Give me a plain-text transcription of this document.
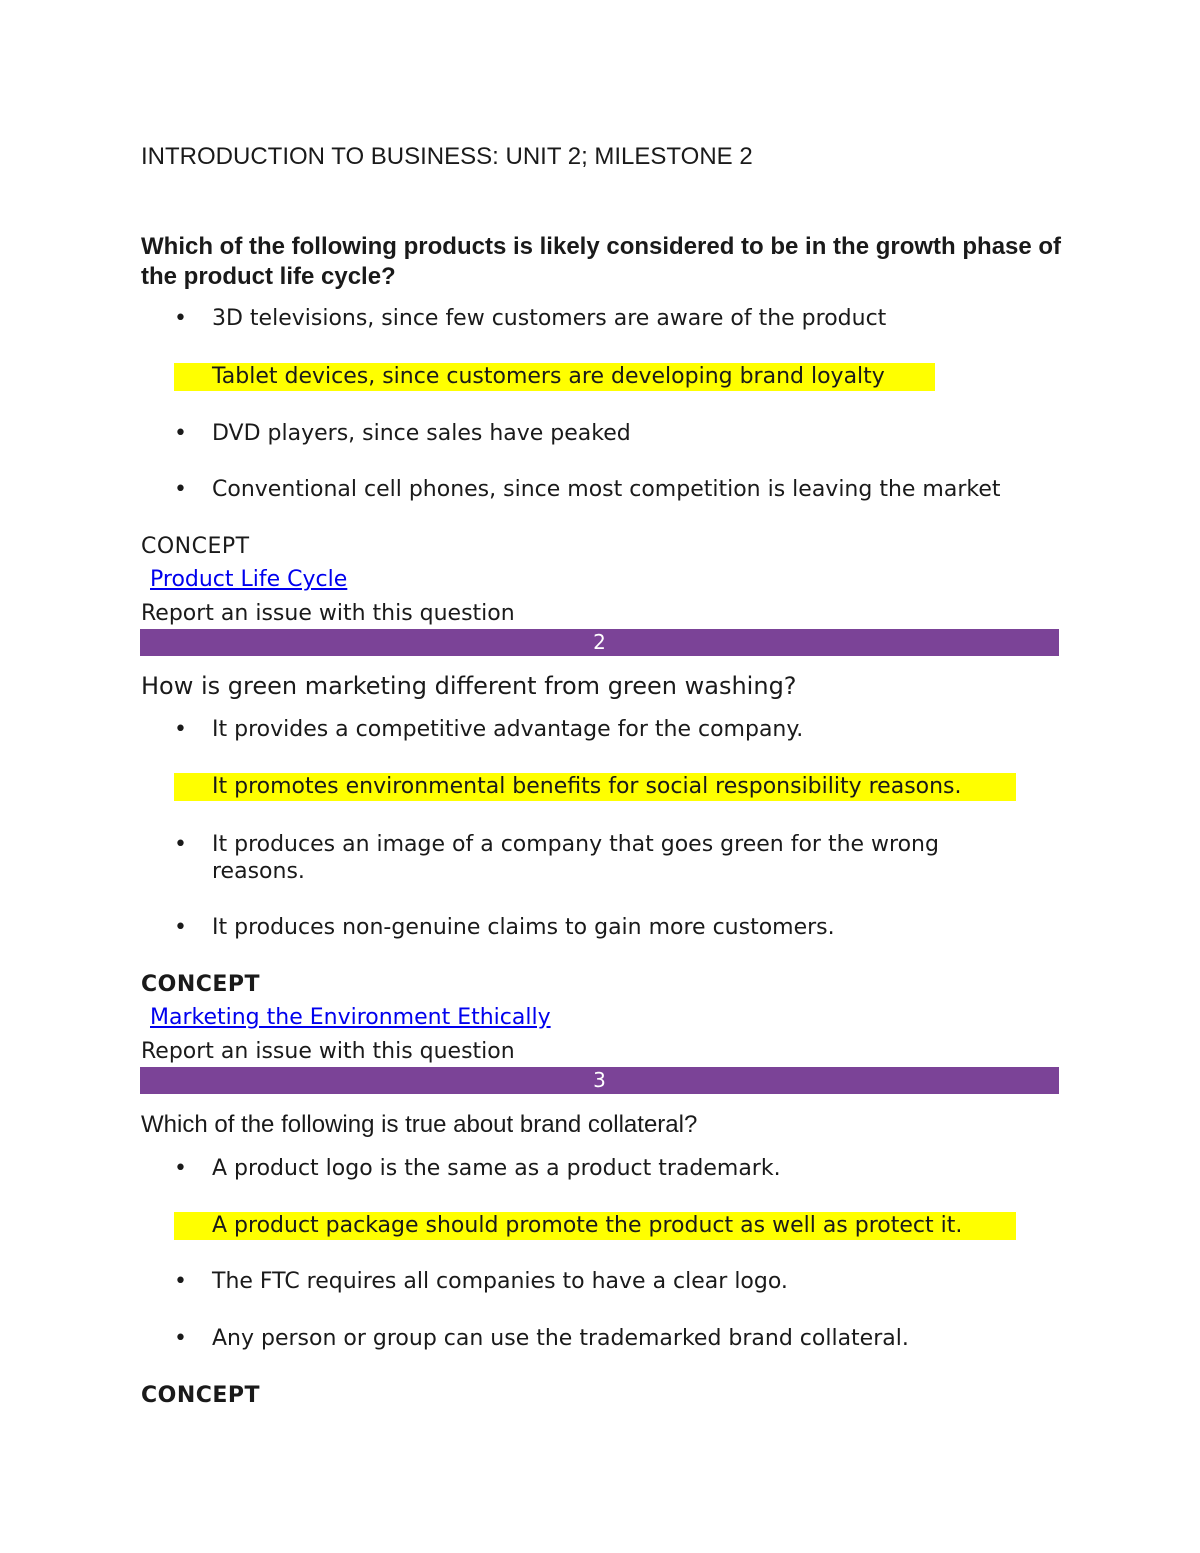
INTRODUCTION TO BUSINESS: UNIT 2; MILESTONE 2
Which of the following products is likely considered to be in the growth phase of
the product life cycle?
• 3D televisions, since few customers are aware of the product
Tablet devices, since customers are developing brand loyalty
• DVD players, since sales have peaked
• Conventional cell phones, since most competition is leaving the market
CONCEPT
Product Life Cycle
Report an issue with this question
2
How is green marketing different from green washing?
• It provides a competitive advantage for the company.
It promotes environmental benefits for social responsibility reasons.
• It produces an image of a company that goes green for the wrong
reasons.
• It produces non-genuine claims to gain more customers.
CONCEPT
Marketing the Environment Ethically
Report an issue with this question
3
Which of the following is true about brand collateral?
• A product logo is the same as a product trademark.
A product package should promote the product as well as protect it.
• The FTC requires all companies to have a clear logo.
• Any person or group can use the trademarked brand collateral.
CONCEPT
